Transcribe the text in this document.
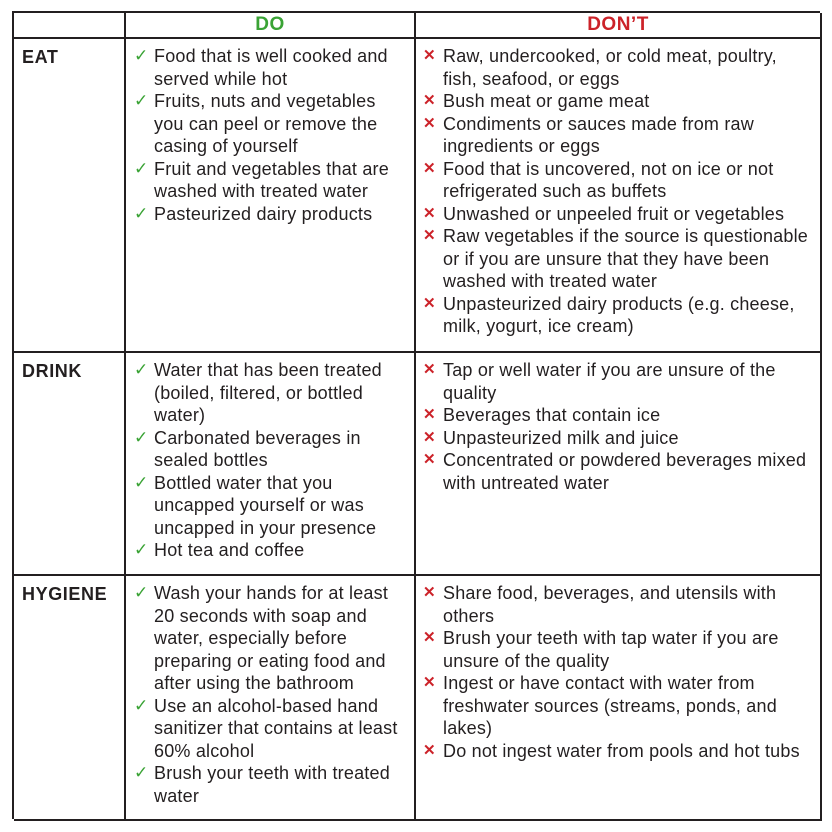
DO	DON’T
EAT	✓ Food that is well cooked and served while hot
✓ Fruits, nuts and vegetables you can peel or remove the casing of yourself
✓ Fruit and vegetables that are washed with treated water
✓ Pasteurized dairy products
✕ Raw, undercooked, or cold meat, poultry, fish, seafood, or eggs
✕ Bush meat or game meat
✕ Condiments or sauces made from raw ingredients or eggs
✕ Food that is uncovered, not on ice or not refrigerated such as buffets
✕ Unwashed or unpeeled fruit or vegetables
✕ Raw vegetables if the source is questionable or if you are unsure that they have been washed with treated water
✕ Unpasteurized dairy products (e.g. cheese, milk, yogurt, ice cream)
DRINK	✓ Water that has been treated (boiled, filtered, or bottled water)
✓ Carbonated beverages in sealed bottles
✓ Bottled water that you uncapped yourself or was uncapped in your presence
✓ Hot tea and coffee
✕ Tap or well water if you are unsure of the quality
✕ Beverages that contain ice
✕ Unpasteurized milk and juice
✕ Concentrated or powdered beverages mixed with untreated water
HYGIENE	✓ Wash your hands for at least 20 seconds with soap and water, especially before preparing or eating food and after using the bathroom
✓ Use an alcohol-based hand sanitizer that contains at least 60% alcohol
✓ Brush your teeth with treated water
✕ Share food, beverages, and utensils with others
✕ Brush your teeth with tap water if you are unsure of the quality
✕ Ingest or have contact with water from freshwater sources (streams, ponds, and lakes)
✕ Do not ingest water from pools and hot tubs
